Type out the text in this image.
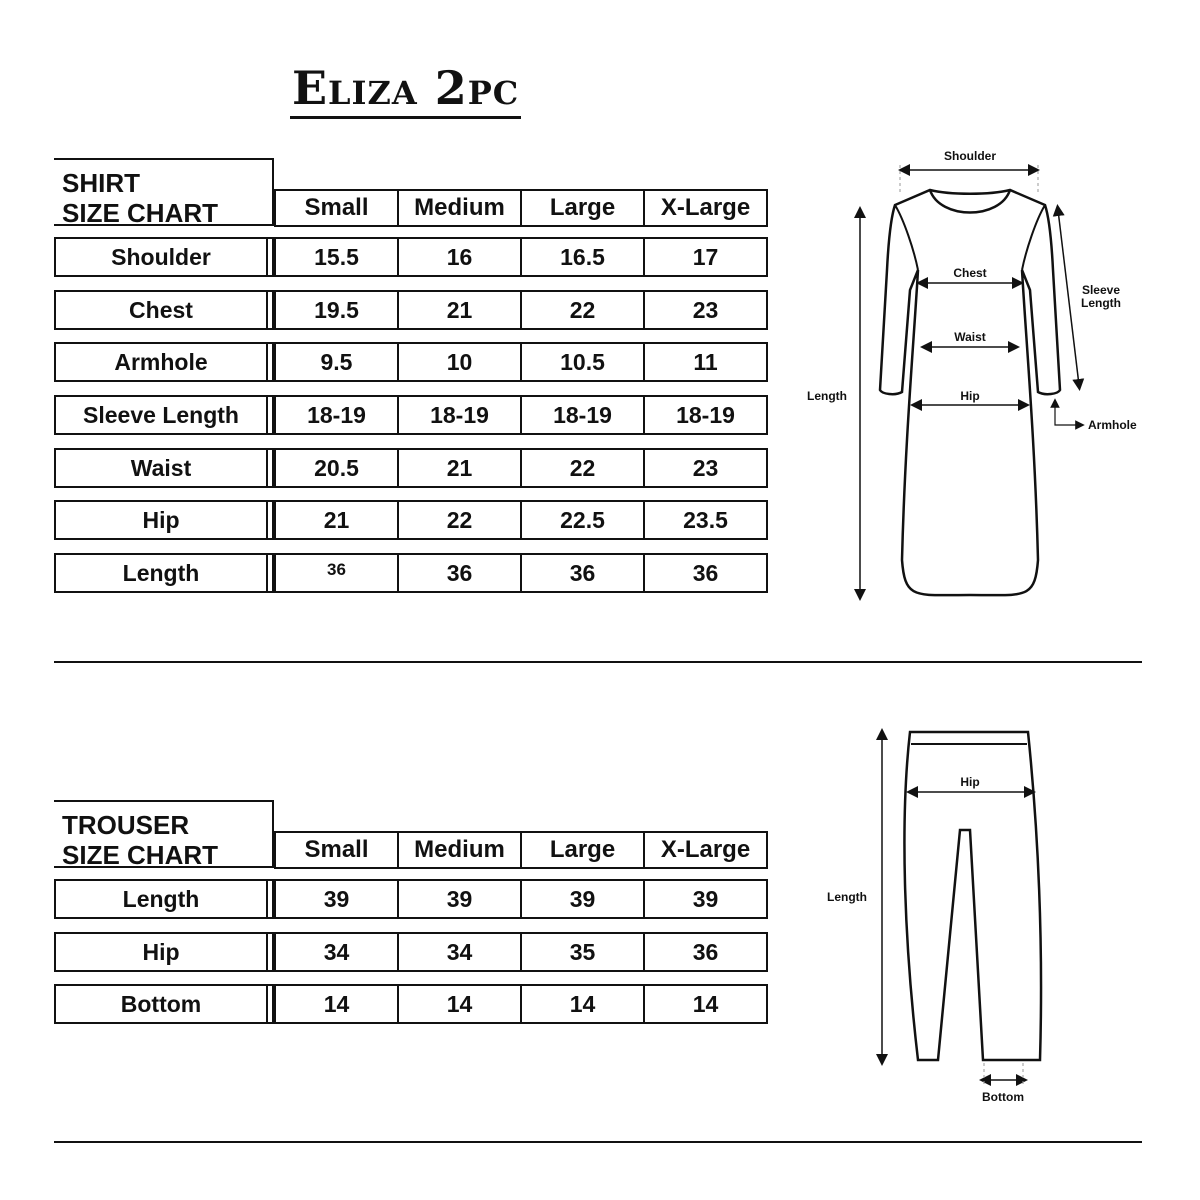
Eliza 2pc
SHIRT
SIZE CHART	Small	Medium	Large	X-Large
Shoulder	15.5	16	16.5	17
Chest	19.5	21	22	23
Armhole	9.5	10	10.5	11
Sleeve Length	18-19	18-19	18-19	18-19
Waist	20.5	21	22	23
Hip	21	22	22.5	23.5
Length	36	36	36	36
TROUSER
SIZE CHART	Small	Medium	Large	X-Large
Length	39	39	39	39
Hip	34	34	35	36
Bottom	14	14	14	14
Shoulder
Chest
Waist
Hip
Length
Sleeve
Length
Armhole
Length
Hip
Bottom
